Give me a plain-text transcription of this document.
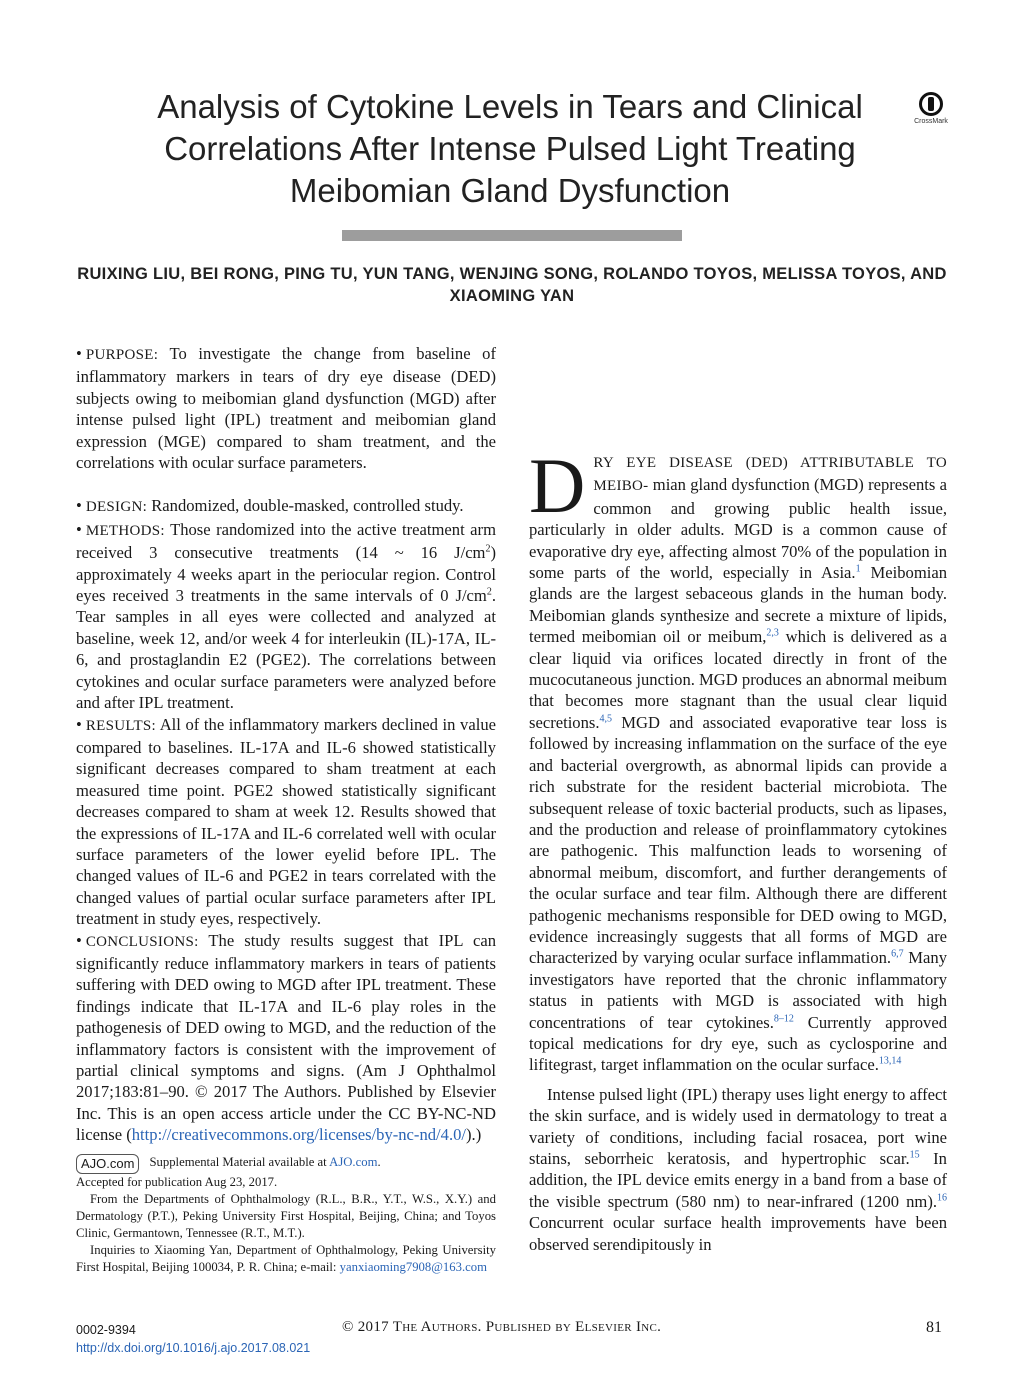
Analysis of Cytokine Levels in Tears and Clinical Correlations After Intense Pulsed Light Treating Meibomian Gland Dysfunction
CrossMark
RUIXING LIU, BEI RONG, PING TU, YUN TANG, WENJING SONG, ROLANDO TOYOS, MELISSA TOYOS, AND XIAOMING YAN

• PURPOSE: To investigate the change from baseline of inflammatory markers in tears of dry eye disease (DED) subjects owing to meibomian gland dysfunction (MGD) after intense pulsed light (IPL) treatment and meibomian gland expression (MGE) compared to sham treatment, and the correlations with ocular surface parameters.

• DESIGN: Randomized, double-masked, controlled study.

• METHODS: Those randomized into the active treatment arm received 3 consecutive treatments (14 ~ 16 $J/cm^2$) approximately 4 weeks apart in the periocular region. Control eyes received 3 treatments in the same intervals of 0 $J/cm^2$. Tear samples in all eyes were collected and analyzed at baseline, week 12, and/or week 4 for interleukin (IL)-17A, IL-6, and prostaglandin E2 (PGE2). The correlations between cytokines and ocular surface parameters were analyzed before and after IPL treatment.

• RESULTS: All of the inflammatory markers declined in value compared to baselines. IL-17A and IL-6 showed statistically significant decreases compared to sham treatment at each measured time point. PGE2 showed statistically significant decreases compared to sham at week 12. Results showed that the expressions of IL-17A and IL-6 correlated well with ocular surface parameters of the lower eyelid before IPL. The changed values of IL-6 and PGE2 in tears correlated with the changed values of partial ocular surface parameters after IPL treatment in study eyes, respectively.

• CONCLUSIONS: The study results suggest that IPL can significantly reduce inflammatory markers in tears of patients suffering with DED owing to MGD after IPL treatment. These findings indicate that IL-17A and IL-6 play roles in the pathogenesis of DED owing to MGD, and the reduction of the inflammatory factors is consistent with the improvement of partial clinical symptoms and signs. (Am J Ophthalmol 2017;183:81–90. © 2017 The Authors. Published by Elsevier Inc. This is an open access article under the CC BY-NC-ND license (http://creativecommons.org/licenses/by-nc-nd/4.0/).)

AJO.com Supplemental Material available at AJO.com.

Accepted for publication Aug 23, 2017.

From the Departments of Ophthalmology (R.L., B.R., Y.T., W.S., X.Y.) and Dermatology (P.T.), Peking University First Hospital, Beijing, China; and Toyos Clinic, Germantown, Tennessee (R.T., M.T.).

Inquiries to Xiaoming Yan, Department of Ophthalmology, Peking University First Hospital, Beijing 100034, P. R. China; e-mail: yanxiaoming7908@163.com

DRY EYE DISEASE (DED) ATTRIBUTABLE TO MEIBO- mian gland dysfunction (MGD) represents a common and growing public health issue, particularly in older adults. MGD is a common cause of evaporative dry eye, affecting almost 70% of the population in some parts of the world, especially in Asia.$^1$ Meibomian glands are the largest sebaceous glands in the human body. Meibomian glands synthesize and secrete a mixture of lipids, termed meibomian oil or meibum,$^{2,3}$ which is delivered as a clear liquid via orifices located directly in front of the mucocutaneous junction. MGD produces an abnormal meibum that becomes more stagnant than the usual clear liquid secretions.$^{4,5}$ MGD and associated evaporative tear loss is followed by increasing inflammation on the surface of the eye and bacterial overgrowth, as abnormal lipids can provide a rich substrate for the resident bacterial microbiota. The subsequent release of toxic bacterial products, such as lipases, and the production and release of proinflammatory cytokines are pathogenic. This malfunction leads to worsening of abnormal meibum, discomfort, and further derangements of the ocular surface and tear film. Although there are different pathogenic mechanisms responsible for DED owing to MGD, evidence increasingly suggests that all forms of MGD are characterized by varying ocular surface inflammation.$^{6,7}$ Many investigators have reported that the chronic inflammatory status in patients with MGD is associated with high concentrations of tear cytokines.$^{8-12}$ Currently approved topical medications for dry eye, such as cyclosporine and lifitegrast, target inflammation on the ocular surface.$^{13,14}$

Intense pulsed light (IPL) therapy uses light energy to affect the skin surface, and is widely used in dermatology to treat a variety of conditions, including facial rosacea, port wine stains, seborrheic keratosis, and hypertrophic scar.$^{15}$ In addition, the IPL device emits energy in a band from a base of the visible spectrum (580 nm) to near-infrared (1200 nm).$^{16}$ Concurrent ocular surface health improvements have been observed serendipitously in

0002-9394
http://dx.doi.org/10.1016/j.ajo.2017.08.021
© 2017 The Authors. Published by Elsevier Inc.	81
